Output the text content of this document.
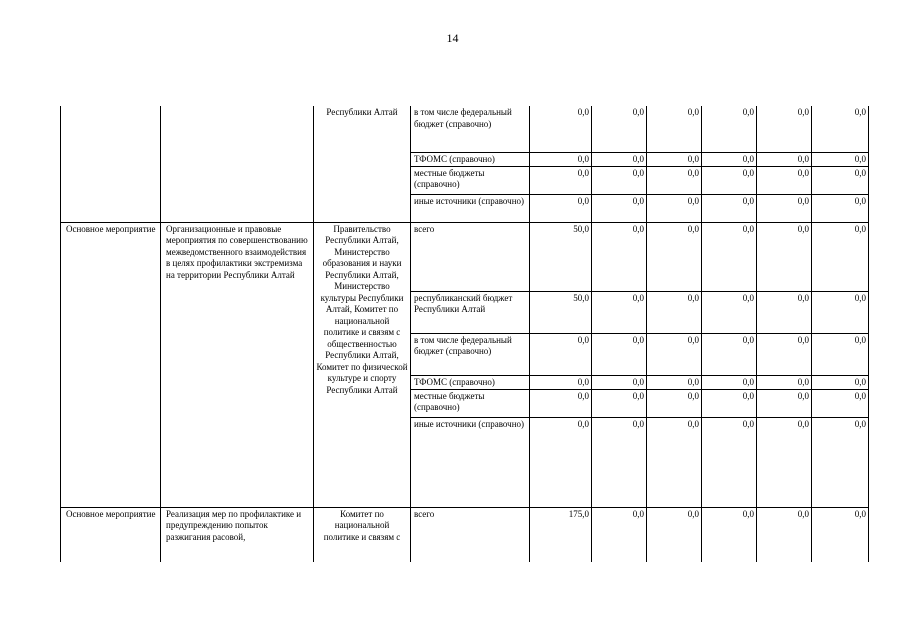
14
		Республики Алтай	в том числе федеральный бюджет (справочно)	0,0	0,0	0,0	0,0	0,0	0,0
			ТФОМС (справочно)	0,0	0,0	0,0	0,0	0,0	0,0
			местные бюджеты (справочно)	0,0	0,0	0,0	0,0	0,0	0,0
			иные источники (справочно)	0,0	0,0	0,0	0,0	0,0	0,0
Основное мероприятие	Организационные и правовые мероприятия по совершенствованию межведомственного взаимодействия в целях профилактики экстремизма на территории Республики Алтай	Правительство Республики Алтай, Министерство образования и науки Республики Алтай, Министерство культуры Республики Алтай, Комитет по национальной политике и связям с общественностью Республики Алтай, Комитет по физической культуре и спорту Республики Алтай	всего	50,0	0,0	0,0	0,0	0,0	0,0
			республиканский бюджет Республики Алтай	50,0	0,0	0,0	0,0	0,0	0,0
			в том числе федеральный бюджет (справочно)	0,0	0,0	0,0	0,0	0,0	0,0
			ТФОМС (справочно)	0,0	0,0	0,0	0,0	0,0	0,0
			местные бюджеты (справочно)	0,0	0,0	0,0	0,0	0,0	0,0
			иные источники (справочно)	0,0	0,0	0,0	0,0	0,0	0,0
Основное мероприятие	Реализация мер по профилактике и предупреждению попыток разжигания расовой,	Комитет по национальной политике и связям с	всего	175,0	0,0	0,0	0,0	0,0	0,0
